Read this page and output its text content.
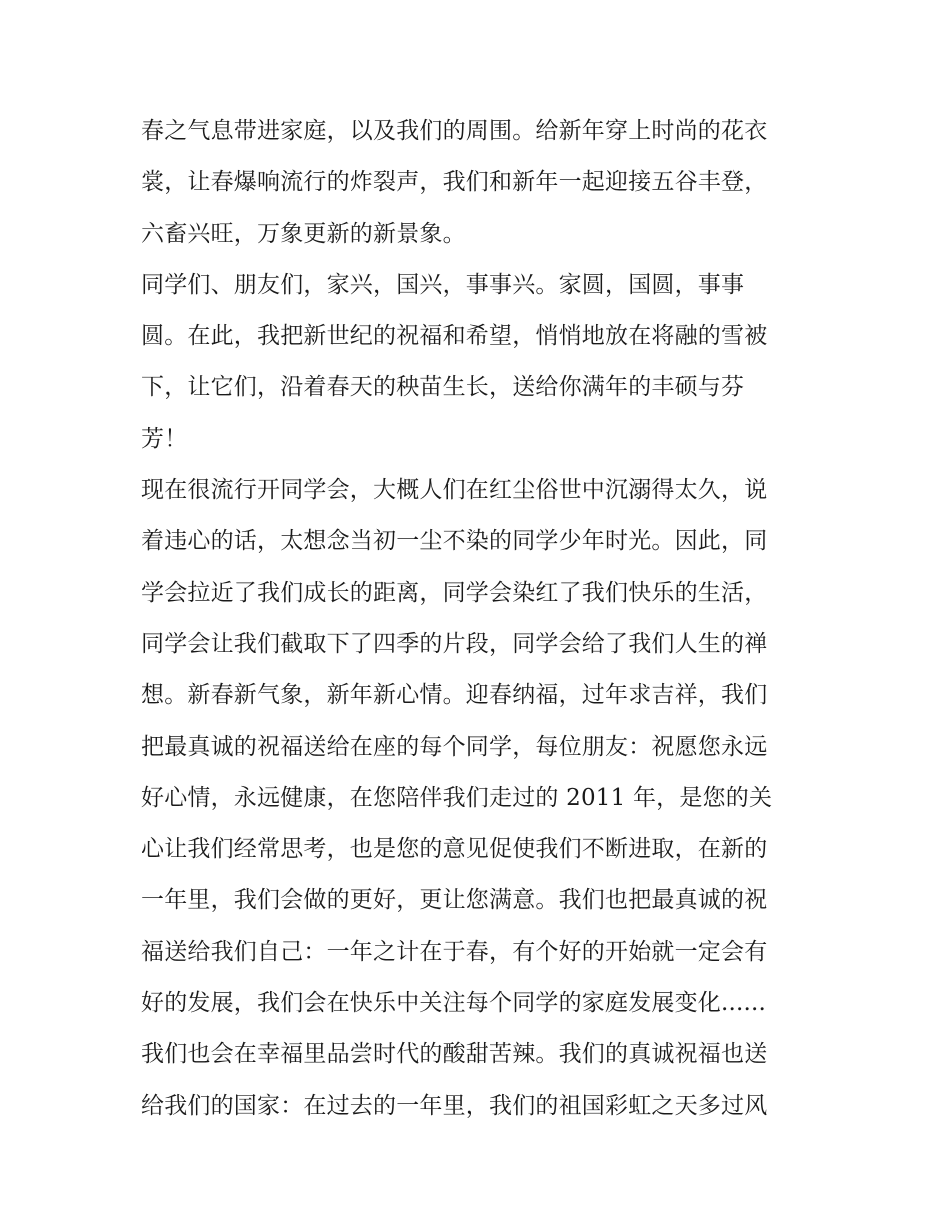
春之气息带进家庭，以及我们的周围。给新年穿上时尚的花衣
裳，让春爆响流行的炸裂声，我们和新年一起迎接五谷丰登，
六畜兴旺，万象更新的新景象。
同学们、朋友们，家兴，国兴，事事兴。家圆，国圆，事事
圆。在此，我把新世纪的祝福和希望，悄悄地放在将融的雪被
下，让它们，沿着春天的秧苗生长，送给你满年的丰硕与芬
芳！
现在很流行开同学会，大概人们在红尘俗世中沉溺得太久，说
着违心的话，太想念当初一尘不染的同学少年时光。因此，同
学会拉近了我们成长的距离，同学会染红了我们快乐的生活，
同学会让我们截取下了四季的片段，同学会给了我们人生的禅
想。新春新气象，新年新心情。迎春纳福，过年求吉祥，我们
把最真诚的祝福送给在座的每个同学，每位朋友：祝愿您永远
好心情，永远健康，在您陪伴我们走过的 2011 年，是您的关
心让我们经常思考，也是您的意见促使我们不断进取，在新的
一年里，我们会做的更好，更让您满意。我们也把最真诚的祝
福送给我们自己：一年之计在于春，有个好的开始就一定会有
好的发展，我们会在快乐中关注每个同学的家庭发展变化......
我们也会在幸福里品尝时代的酸甜苦辣。我们的真诚祝福也送
给我们的国家：在过去的一年里，我们的祖国彩虹之天多过风
